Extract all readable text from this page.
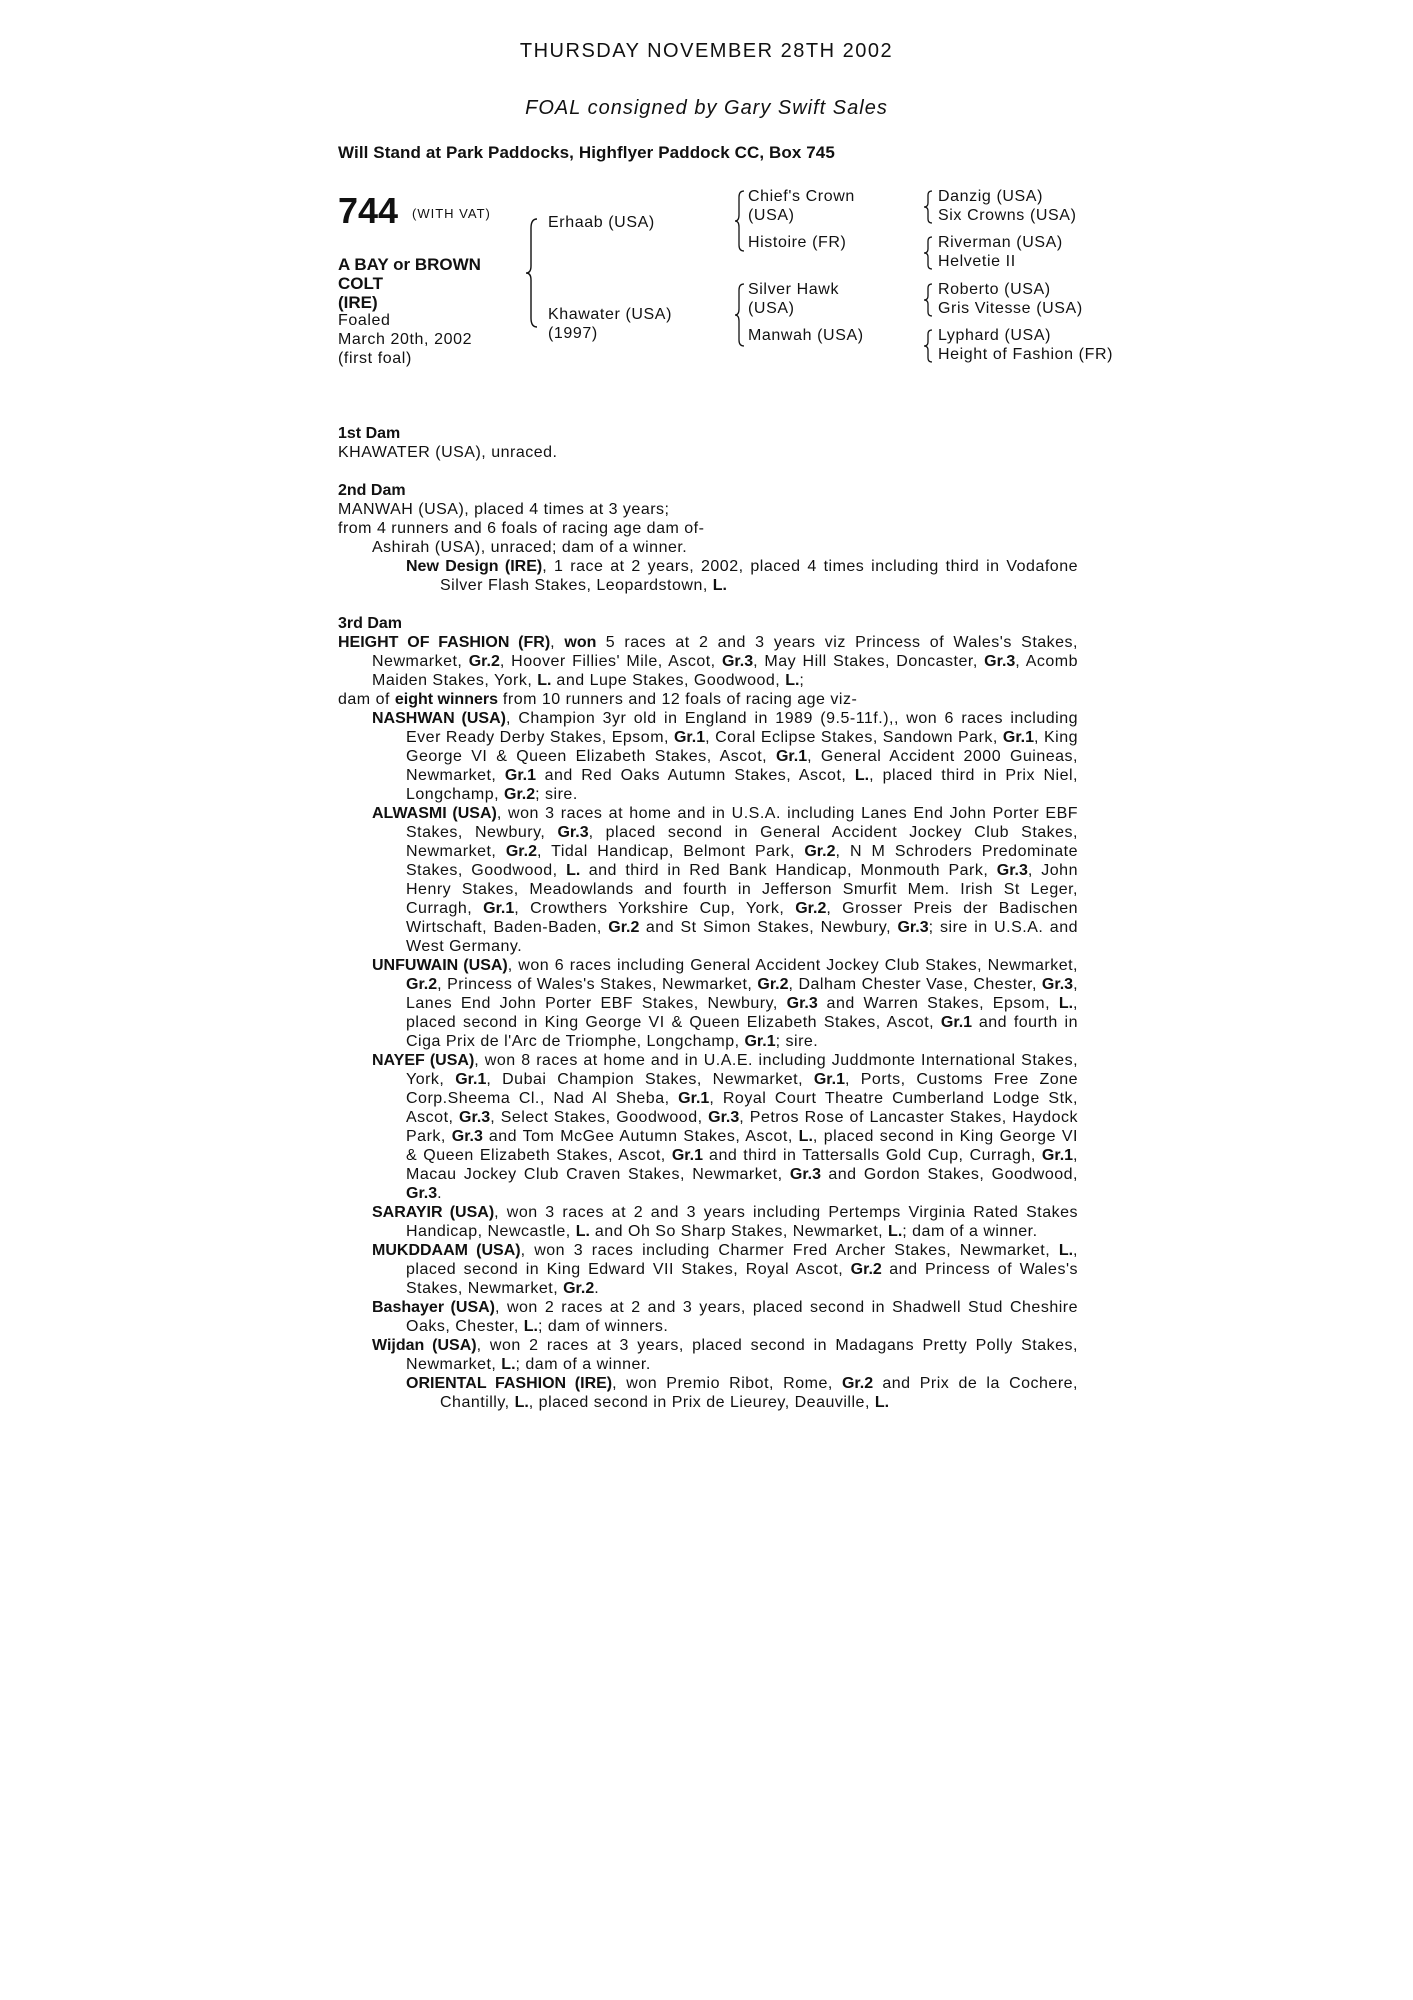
THURSDAY NOVEMBER 28TH 2002
FOAL consigned by Gary Swift Sales
Will Stand at Park Paddocks, Highflyer Paddock CC, Box 745
744 (WITH VAT)
A BAY or BROWN
COLT
(IRE)
Foaled
March 20th, 2002
(first foal)
Erhaab (USA)
Khawater (USA)
(1997)
Chief's Crown
(USA)
Histoire (FR)
Silver Hawk
(USA)
Manwah (USA)
Danzig (USA)
Six Crowns (USA)
Riverman (USA)
Helvetie II
Roberto (USA)
Gris Vitesse (USA)
Lyphard (USA)
Height of Fashion (FR)

1st Dam

KHAWATER (USA), unraced.

2nd Dam

MANWAH (USA), placed 4 times at 3 years;

from 4 runners and 6 foals of racing age dam of-

Ashirah (USA), unraced; dam of a winner.

New Design (IRE), 1 race at 2 years, 2002, placed 4 times including third in Vodafone Silver Flash Stakes, Leopardstown, L.

3rd Dam

HEIGHT OF FASHION (FR), won 5 races at 2 and 3 years viz Princess of Wales's Stakes, Newmarket, Gr.2, Hoover Fillies' Mile, Ascot, Gr.3, May Hill Stakes, Doncaster, Gr.3, Acomb Maiden Stakes, York, L. and Lupe Stakes, Goodwood, L.;

dam of eight winners from 10 runners and 12 foals of racing age viz-

NASHWAN (USA), Champion 3yr old in England in 1989 (9.5-11f.),, won 6 races including Ever Ready Derby Stakes, Epsom, Gr.1, Coral Eclipse Stakes, Sandown Park, Gr.1, King George VI & Queen Elizabeth Stakes, Ascot, Gr.1, General Accident 2000 Guineas, Newmarket, Gr.1 and Red Oaks Autumn Stakes, Ascot, L., placed third in Prix Niel, Longchamp, Gr.2; sire.

ALWASMI (USA), won 3 races at home and in U.S.A. including Lanes End John Porter EBF Stakes, Newbury, Gr.3, placed second in General Accident Jockey Club Stakes, Newmarket, Gr.2, Tidal Handicap, Belmont Park, Gr.2, N M Schroders Predominate Stakes, Goodwood, L. and third in Red Bank Handicap, Monmouth Park, Gr.3, John Henry Stakes, Meadowlands and fourth in Jefferson Smurfit Mem. Irish St Leger, Curragh, Gr.1, Crowthers Yorkshire Cup, York, Gr.2, Grosser Preis der Badischen Wirtschaft, Baden-Baden, Gr.2 and St Simon Stakes, Newbury, Gr.3; sire in U.S.A. and West Germany.

UNFUWAIN (USA), won 6 races including General Accident Jockey Club Stakes, Newmarket, Gr.2, Princess of Wales's Stakes, Newmarket, Gr.2, Dalham Chester Vase, Chester, Gr.3, Lanes End John Porter EBF Stakes, Newbury, Gr.3 and Warren Stakes, Epsom, L., placed second in King George VI & Queen Elizabeth Stakes, Ascot, Gr.1 and fourth in Ciga Prix de l'Arc de Triomphe, Longchamp, Gr.1; sire.

NAYEF (USA), won 8 races at home and in U.A.E. including Juddmonte International Stakes, York, Gr.1, Dubai Champion Stakes, Newmarket, Gr.1, Ports, Customs Free Zone Corp.Sheema Cl., Nad Al Sheba, Gr.1, Royal Court Theatre Cumberland Lodge Stk, Ascot, Gr.3, Select Stakes, Goodwood, Gr.3, Petros Rose of Lancaster Stakes, Haydock Park, Gr.3 and Tom McGee Autumn Stakes, Ascot, L., placed second in King George VI & Queen Elizabeth Stakes, Ascot, Gr.1 and third in Tattersalls Gold Cup, Curragh, Gr.1, Macau Jockey Club Craven Stakes, Newmarket, Gr.3 and Gordon Stakes, Goodwood, Gr.3.

SARAYIR (USA), won 3 races at 2 and 3 years including Pertemps Virginia Rated Stakes Handicap, Newcastle, L. and Oh So Sharp Stakes, Newmarket, L.; dam of a winner.

MUKDDAAM (USA), won 3 races including Charmer Fred Archer Stakes, Newmarket, L., placed second in King Edward VII Stakes, Royal Ascot, Gr.2 and Princess of Wales's Stakes, Newmarket, Gr.2.

Bashayer (USA), won 2 races at 2 and 3 years, placed second in Shadwell Stud Cheshire Oaks, Chester, L.; dam of winners.

Wijdan (USA), won 2 races at 3 years, placed second in Madagans Pretty Polly Stakes, Newmarket, L.; dam of a winner.

ORIENTAL FASHION (IRE), won Premio Ribot, Rome, Gr.2 and Prix de la Cochere, Chantilly, L., placed second in Prix de Lieurey, Deauville, L.
